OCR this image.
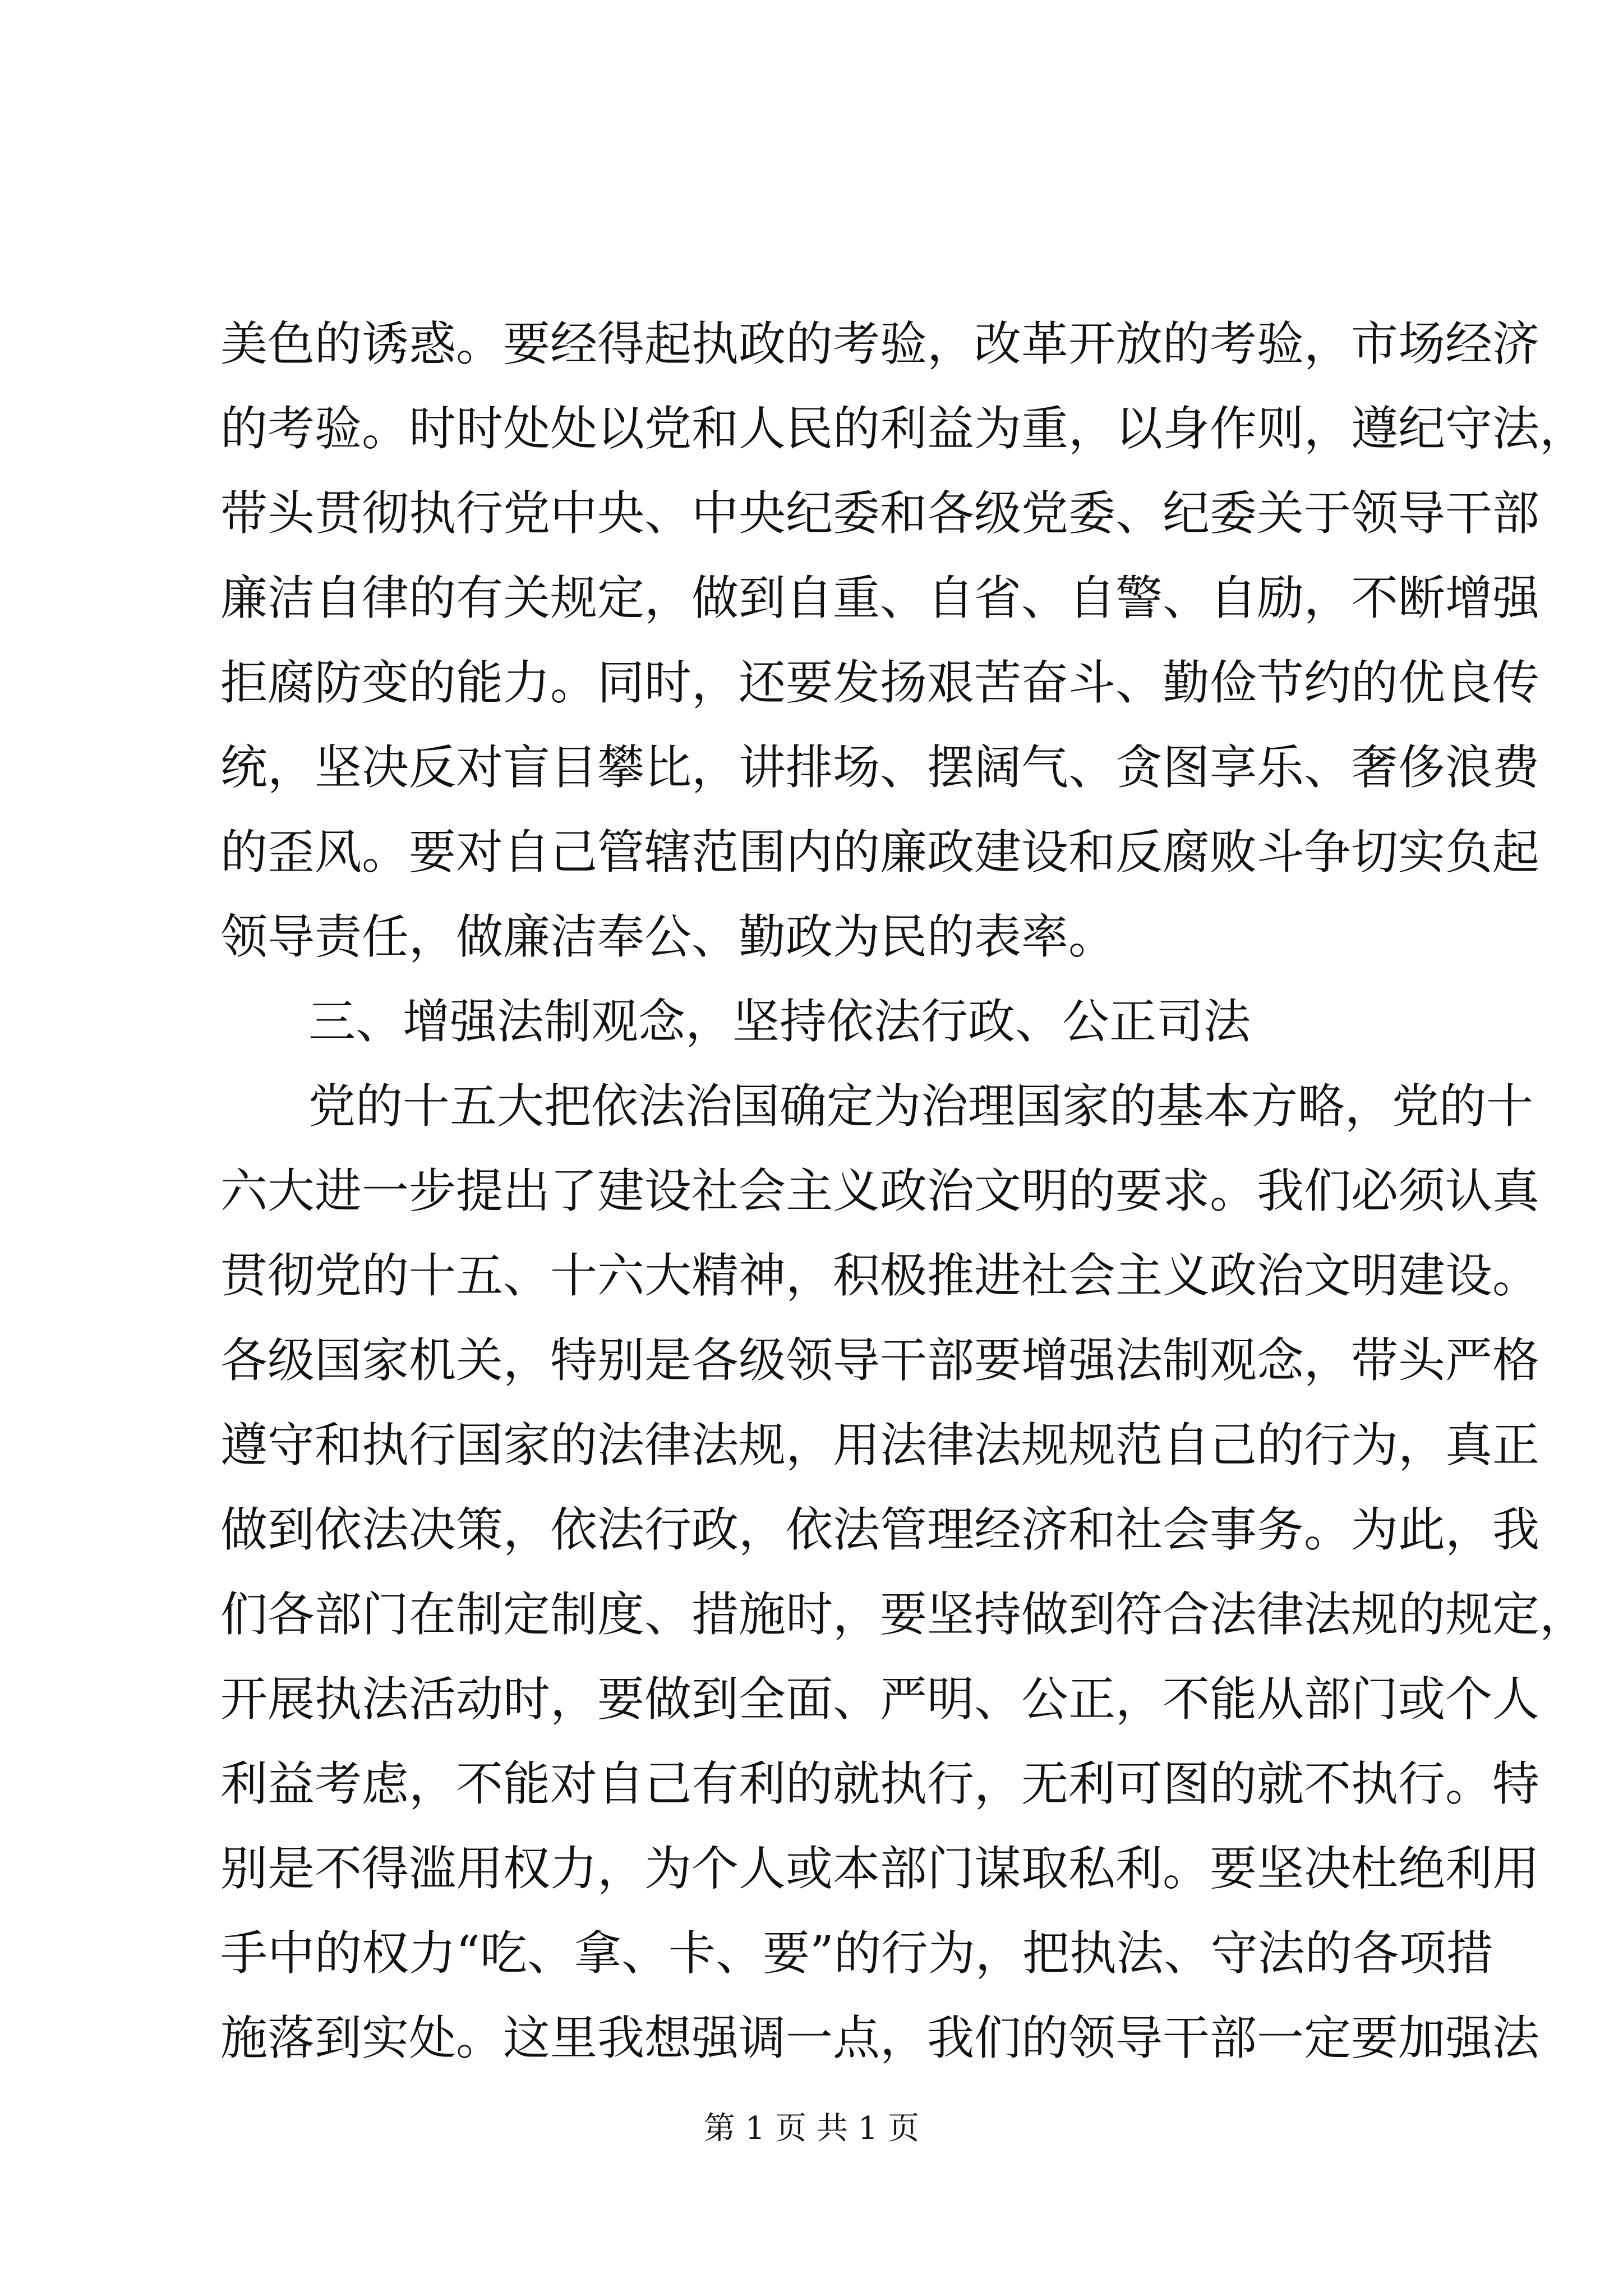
美色的诱惑。要经得起执政的考验，改革开放的考验，市场经济
的考验。时时处处以党和人民的利益为重，以身作则，遵纪守法，
带头贯彻执行党中央、中央纪委和各级党委、纪委关于领导干部
廉洁自律的有关规定，做到自重、自省、自警、自励，不断增强
拒腐防变的能力。同时，还要发扬艰苦奋斗、勤俭节约的优良传
统，坚决反对盲目攀比，讲排场、摆阔气、贪图享乐、奢侈浪费
的歪风。要对自己管辖范围内的廉政建设和反腐败斗争切实负起
领导责任，做廉洁奉公、勤政为民的表率。
三、增强法制观念，坚持依法行政、公正司法
党的十五大把依法治国确定为治理国家的基本方略，党的十
六大进一步提出了建设社会主义政治文明的要求。我们必须认真
贯彻党的十五、十六大精神，积极推进社会主义政治文明建设。
各级国家机关，特别是各级领导干部要增强法制观念，带头严格
遵守和执行国家的法律法规，用法律法规规范自己的行为，真正
做到依法决策，依法行政，依法管理经济和社会事务。为此，我
们各部门在制定制度、措施时，要坚持做到符合法律法规的规定，
开展执法活动时，要做到全面、严明、公正，不能从部门或个人
利益考虑，不能对自己有利的就执行，无利可图的就不执行。特
别是不得滥用权力，为个人或本部门谋取私利。要坚决杜绝利用
手中的权力“吃、拿、卡、要”的行为，把执法、守法的各项措
施落到实处。这里我想强调一点，我们的领导干部一定要加强法
第 1 页 共 1 页
